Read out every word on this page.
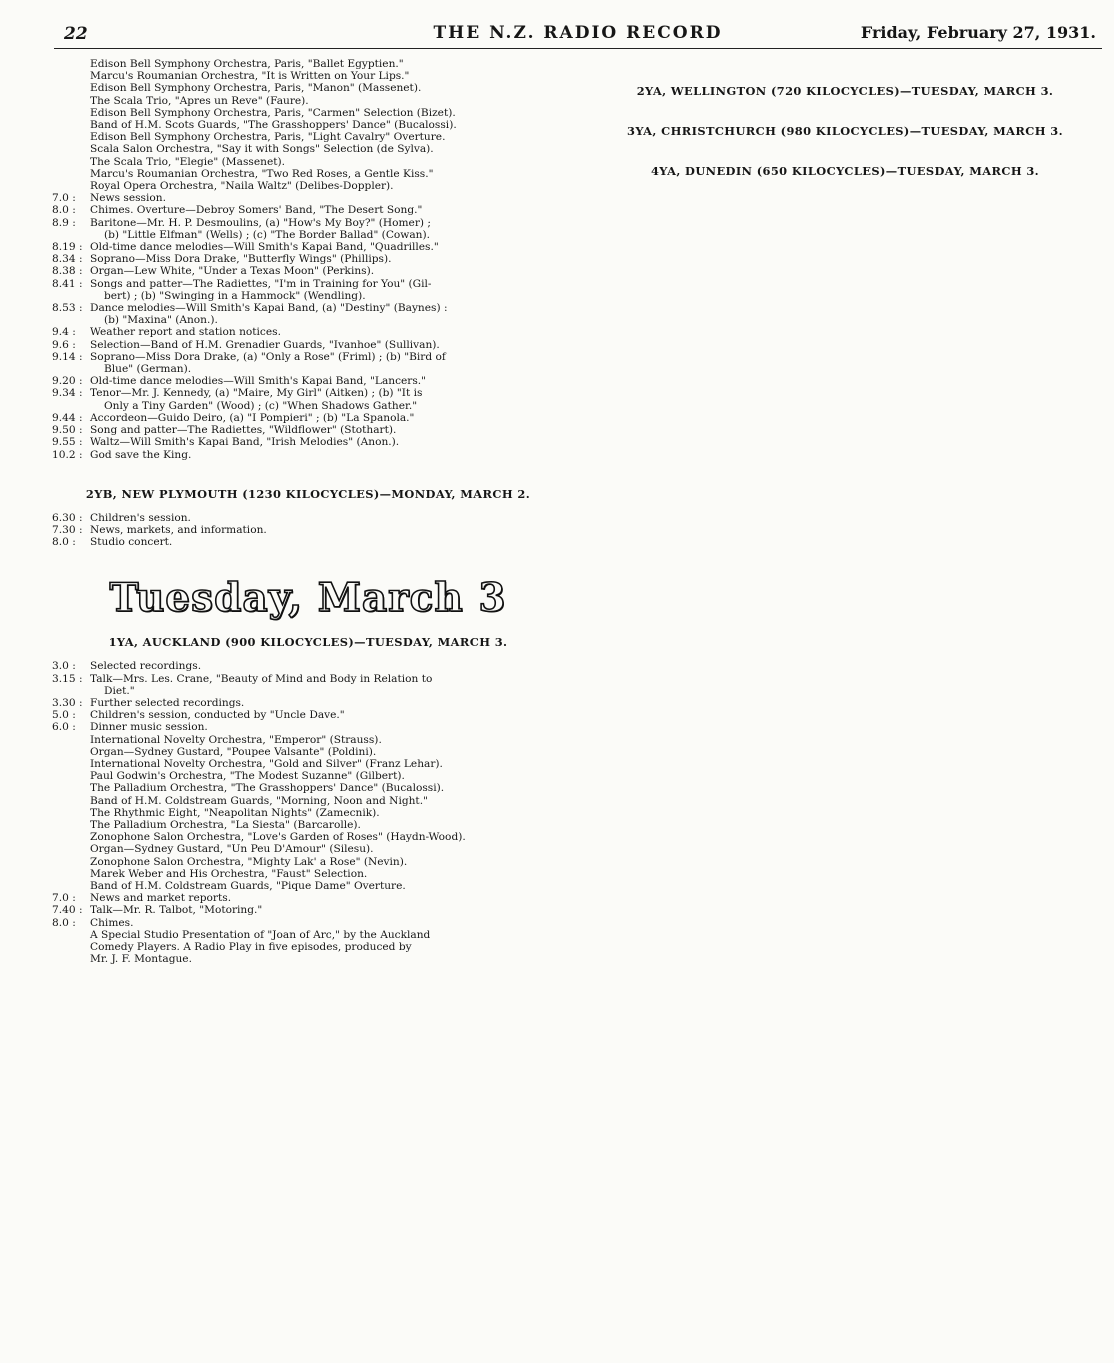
22	THE N.Z. RADIO RECORD	Friday, February 27, 1931.
Edison Bell Symphony Orchestra, Paris, "Ballet Egyptien."
Marcu's Roumanian Orchestra, "It is Written on Your Lips."
Edison Bell Symphony Orchestra, Paris, "Manon" (Massenet).
The Scala Trio, "Apres un Reve" (Faure).
Edison Bell Symphony Orchestra, Paris, "Carmen" Selection (Bizet).
Band of H.M. Scots Guards, "The Grasshoppers' Dance" (Bucalossi).
Edison Bell Symphony Orchestra, Paris, "Light Cavalry" Overture.
Scala Salon Orchestra, "Say it with Songs" Selection (de Sylva).
The Scala Trio, "Elegie" (Massenet).
Marcu's Roumanian Orchestra, "Two Red Roses, a Gentle Kiss."
Royal Opera Orchestra, "Naila Waltz" (Delibes-Doppler).
7.0 :	News session.
8.0 :	Chimes. Overture—Debroy Somers' Band, "The Desert Song."
8.9 :	Baritone—Mr. H. P. Desmoulins, (a) "How's My Boy?" (Homer) ;
(b) "Little Elfman" (Wells) ; (c) "The Border Ballad" (Cowan).
8.19 : Old-time dance melodies—Will Smith's Kapai Band, "Quadrilles."
8.34 : Soprano—Miss Dora Drake, "Butterfly Wings" (Phillips).
8.38 : Organ—Lew White, "Under a Texas Moon" (Perkins).
8.41 : Songs and patter—The Radiettes, "I'm in Training for You" (Gil-
bert) ; (b) "Swinging in a Hammock" (Wendling).
8.53 : Dance melodies—Will Smith's Kapai Band, (a) "Destiny" (Baynes) :
(b) "Maxina" (Anon.).
9.4 :	Weather report and station notices.
9.6 :	Selection—Band of H.M. Grenadier Guards, "Ivanhoe" (Sullivan).
9.14 : Soprano—Miss Dora Drake, (a) "Only a Rose" (Friml) ; (b) "Bird of
Blue" (German).
9.20 : Old-time dance melodies—Will Smith's Kapai Band, "Lancers."
9.34 : Tenor—Mr. J. Kennedy, (a) "Maire, My Girl" (Aitken) ; (b) "It is
Only a Tiny Garden" (Wood) ; (c) "When Shadows Gather."
9.44 : Accordeon—Guido Deiro, (a) "I Pompieri" ; (b) "La Spanola."
9.50 : Song and patter—The Radiettes, "Wildflower" (Stothart).
9.55 : Waltz—Will Smith's Kapai Band, "Irish Melodies" (Anon.).
10.2 : God save the King.
2YB, NEW PLYMOUTH (1230 KILOCYCLES)—MONDAY, MARCH 2.
6.30 : Children's session.
7.30 : News, markets, and information.
8.0 :	Studio concert.
Tuesday, March 3
1YA, AUCKLAND (900 KILOCYCLES)—TUESDAY, MARCH 3.
3.0 :	Selected recordings.
3.15 : Talk—Mrs. Les. Crane, "Beauty of Mind and Body in Relation to
Diet."
3.30 : Further selected recordings.
5.0 :	Children's session, conducted by "Uncle Dave."
6.0 :	Dinner music session.
International Novelty Orchestra, "Emperor" (Strauss).
Organ—Sydney Gustard, "Poupee Valsante" (Poldini).
International Novelty Orchestra, "Gold and Silver" (Franz Lehar).
Paul Godwin's Orchestra, "The Modest Suzanne" (Gilbert).
The Palladium Orchestra, "The Grasshoppers' Dance" (Bucalossi).
Band of H.M. Coldstream Guards, "Morning, Noon and Night."
The Rhythmic Eight, "Neapolitan Nights" (Zamecnik).
The Palladium Orchestra, "La Siesta" (Barcarolle).
Zonophone Salon Orchestra, "Love's Garden of Roses" (Haydn-Wood).
Organ—Sydney Gustard, "Un Peu D'Amour" (Silesu).
Zonophone Salon Orchestra, "Mighty Lak' a Rose" (Nevin).
Marek Weber and His Orchestra, "Faust" Selection.
Band of H.M. Coldstream Guards, "Pique Dame" Overture.
7.0 :	News and market reports.
7.40 : Talk—Mr. R. Talbot, "Motoring."
8.0 :	Chimes.
A Special Studio Presentation of "Joan of Arc," by the Auckland
Comedy Players. A Radio Play in five episodes, produced by
Mr. J. F. Montague.
2YA, WELLINGTON (720 KILOCYCLES)—TUESDAY, MARCH 3.
3YA, CHRISTCHURCH (980 KILOCYCLES)—TUESDAY, MARCH 3.
4YA, DUNEDIN (650 KILOCYCLES)—TUESDAY, MARCH 3.
